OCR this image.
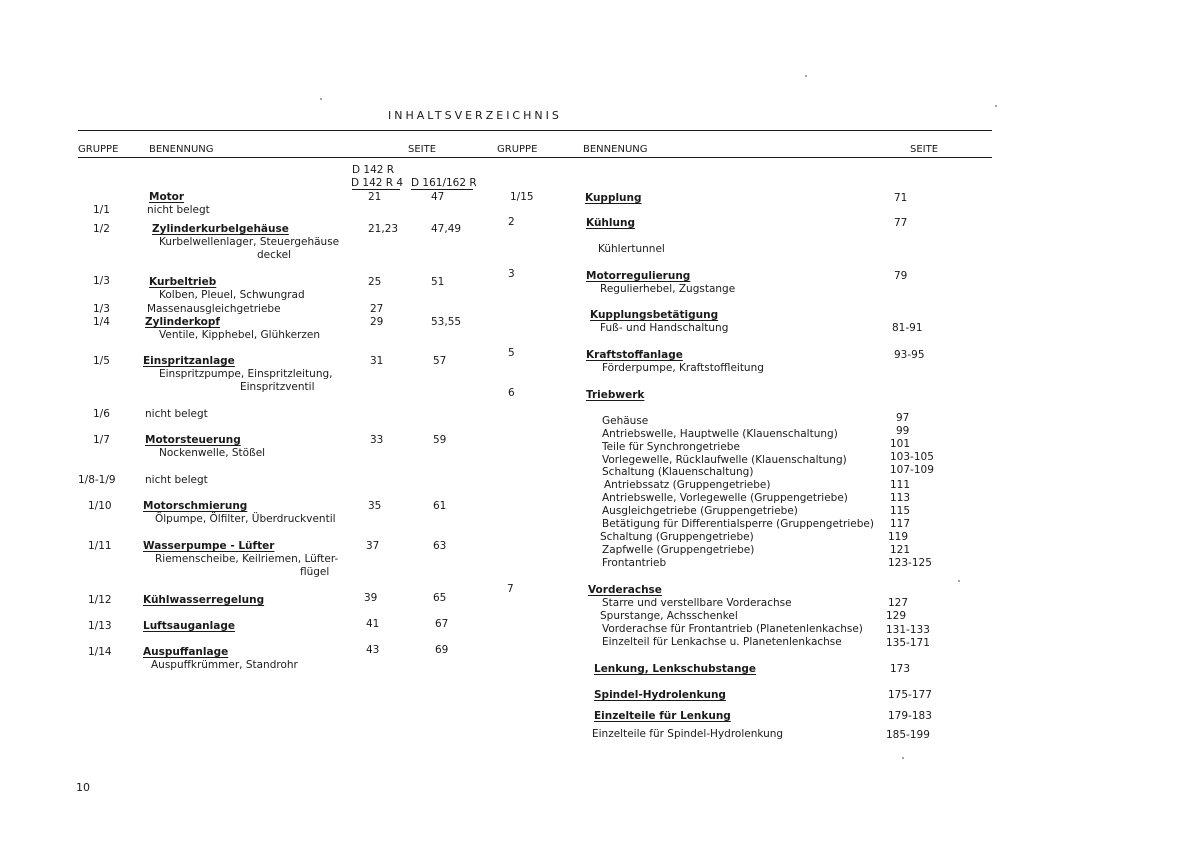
INHALTSVERZEICHNIS
GRUPPE	BENENNUNG	SEITE	GRUPPE	BENNENUNG	SEITE
D 142 R
D 142 R 4 D 161/162 R
Motor	21	47
1/1	nicht belegt
1/2	Zylinderkurbelgehäuse	21,23	47,49
Kurbelwellenlager, Steuergehäuse
deckel
1/3	Kurbeltrieb	25	51
Kolben, Pleuel, Schwungrad
1/3	Massenausgleichgetriebe	27
1/4	Zylinderkopf	29	53,55
Ventile, Kipphebel, Glühkerzen
1/5	Einspritzanlage	31	57
Einspritzpumpe, Einspritzleitung,
Einspritzventil
1/6	nicht belegt
1/7	Motorsteuerung	33	59
Nockenwelle, Stößel
1/8-1/9	nicht belegt
1/10	Motorschmierung	35	61
Ölpumpe, Ölfilter, Überdruckventil
1/11	Wasserpumpe - Lüfter	37	63
Riemenscheibe, Keilriemen, Lüfter-
flügel
1/12	Kühlwasserregelung	39	65
1/13	Luftsauganlage	41	67
1/14	Auspuffanlage	43	69
Auspuffkrümmer, Standrohr
1/15	Kupplung	71
2	Kühlung	77
Kühlertunnel
3	Motorregulierung	79
Regulierhebel, Zugstange
Kupplungsbetätigung
Fuß- und Handschaltung	81-91
5	Kraftstoffanlage	93-95
Förderpumpe, Kraftstoffleitung
6	Triebwerk
Gehäuse	97
Antriebswelle, Hauptwelle (Klauenschaltung)	99
Teile für Synchrongetriebe	101
Vorlegewelle, Rücklaufwelle (Klauenschaltung)	103-105
Schaltung (Klauenschaltung)	107-109
Antriebssatz (Gruppengetriebe)	111
Antriebswelle, Vorlegewelle (Gruppengetriebe)	113
Ausgleichgetriebe (Gruppengetriebe)	115
Betätigung für Differentialsperre (Gruppengetriebe) 117
Schaltung (Gruppengetriebe)	119
Zapfwelle (Gruppengetriebe)	121
Frontantrieb	123-125
7	Vorderachse
Starre und verstellbare Vorderachse	127
Spurstange, Achsschenkel	129
Vorderachse für Frontantrieb (Planetenlenkachse) 131-133
Einzelteil für Lenkachse u. Planetenlenkachse	135-171
Lenkung, Lenkschubstange	173
Spindel-Hydrolenkung	175-177
Einzelteile für Lenkung	179-183
Einzelteile für Spindel-Hydrolenkung	185-199
10
